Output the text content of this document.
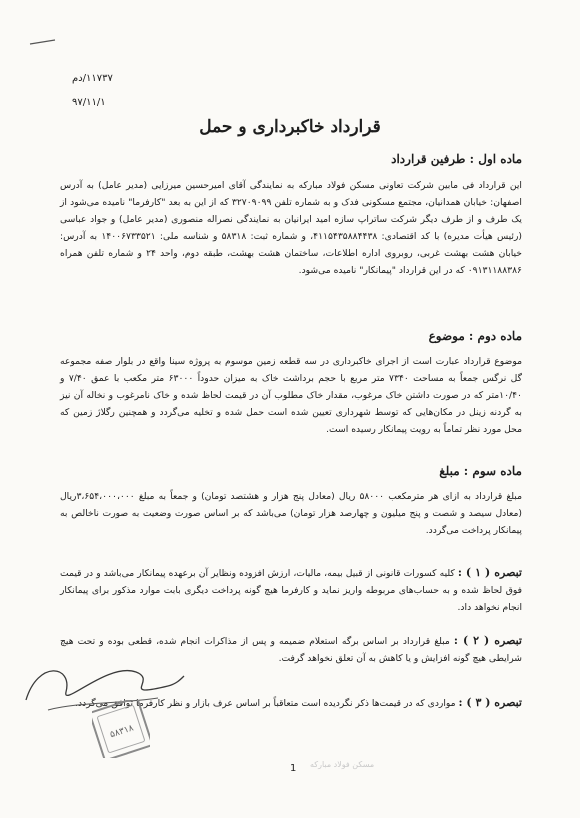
۱۱۷۳۷/دم
۹۷/۱۱/۱
قرارداد خاکبرداری و حمل
ماده اول : طرفین قرارداد
این قرارداد فی مابین شرکت تعاونی مسکن فولاد مبارکه به نمایندگی آقای امیرحسین میرزایی (مدیر عامل) به آدرس اصفهان: خیابان همدانیان، مجتمع مسکونی فدک و به شماره تلفن ۳۲۷۰۹۰۹۹ که از این به بعد "کارفرما" نامیده می‌شود از یک طرف و از طرف دیگر شرکت ساتراپ سازه امید ایرانیان به نمایندگی نصراله منصوری (مدیر عامل) و جواد عباسی (رئیس هیأت مدیره) با کد اقتصادی: ۴۱۱۵۴۳۵۸۸۴۴۳۸، و شماره ثبت: ۵۸۳۱۸ و شناسه ملی: ۱۴۰۰۶۷۳۳۵۲۱ به آدرس: خیابان هشت بهشت غربی، روبروی اداره اطلاعات، ساختمان هشت بهشت، طبقه دوم، واحد ۲۴ و شماره تلفن همراه ۰۹۱۳۱۱۸۸۳۸۶ که در این قرارداد "پیمانکار" نامیده می‌شود.
ماده دوم : موضوع
موضوع قرارداد عبارت است از اجرای خاکبرداری در سه قطعه زمین موسوم به پروژه سینا واقع در بلوار صفه مجموعه گل نرگس جمعاً به مساحت ۷۳۴۰ متر مربع با حجم برداشت خاک به میزان حدوداً ۶۳۰۰۰ متر مکعب با عمق ۷/۴۰ و ۱۰/۴۰متر که در صورت داشتن خاک مرغوب، مقدار خاک مطلوب آن در قیمت لحاظ شده و خاک نامرغوب و نخاله آن نیز به گردنه زینل در مکان‌هایی که توسط شهرداری تعیین شده است حمل شده و تخلیه می‌گردد و همچنین رگلاژ زمین که محل مورد نظر تماماً به رویت پیمانکار رسیده است.
ماده سوم : مبلغ
مبلغ قرارداد به ازای هر مترمکعب ۵۸۰۰۰ ریال (معادل پنج هزار و هشتصد تومان) و جمعاً به مبلغ ۳،۶۵۴،۰۰۰،۰۰۰ریال (معادل سیصد و شصت و پنج میلیون و چهارصد هزار تومان) می‌باشد که بر اساس صورت وضعیت به صورت ناخالص به پیمانکار پرداخت می‌گردد.
تبصره ( ۱ ) : کلیه کسورات قانونی از قبیل بیمه، مالیات، ارزش افزوده ونظایر آن برعهده پیمانکار می‌باشد و در قیمت فوق لحاظ شده و به حساب‌های مربوطه واریز نماید و کارفرما هیچ گونه پرداخت دیگری بابت موارد مذکور برای پیمانکار انجام نخواهد داد.
تبصره ( ۲ ) : مبلغ قرارداد بر اساس برگه استعلام ضمیمه و پس از مذاکرات انجام شده، قطعی بوده و تحت هیچ شرایطی هیچ گونه افزایش و یا کاهش به آن تعلق نخواهد گرفت.
تبصره ( ۳ ) : مواردی که در قیمت‌ها ذکر نگردیده است متعاقباً بر اساس عرف بازار و نظر کارفرما توافق می‌گردد.
۵۸۳۱۸
1 مسکن فولاد مبارکه
